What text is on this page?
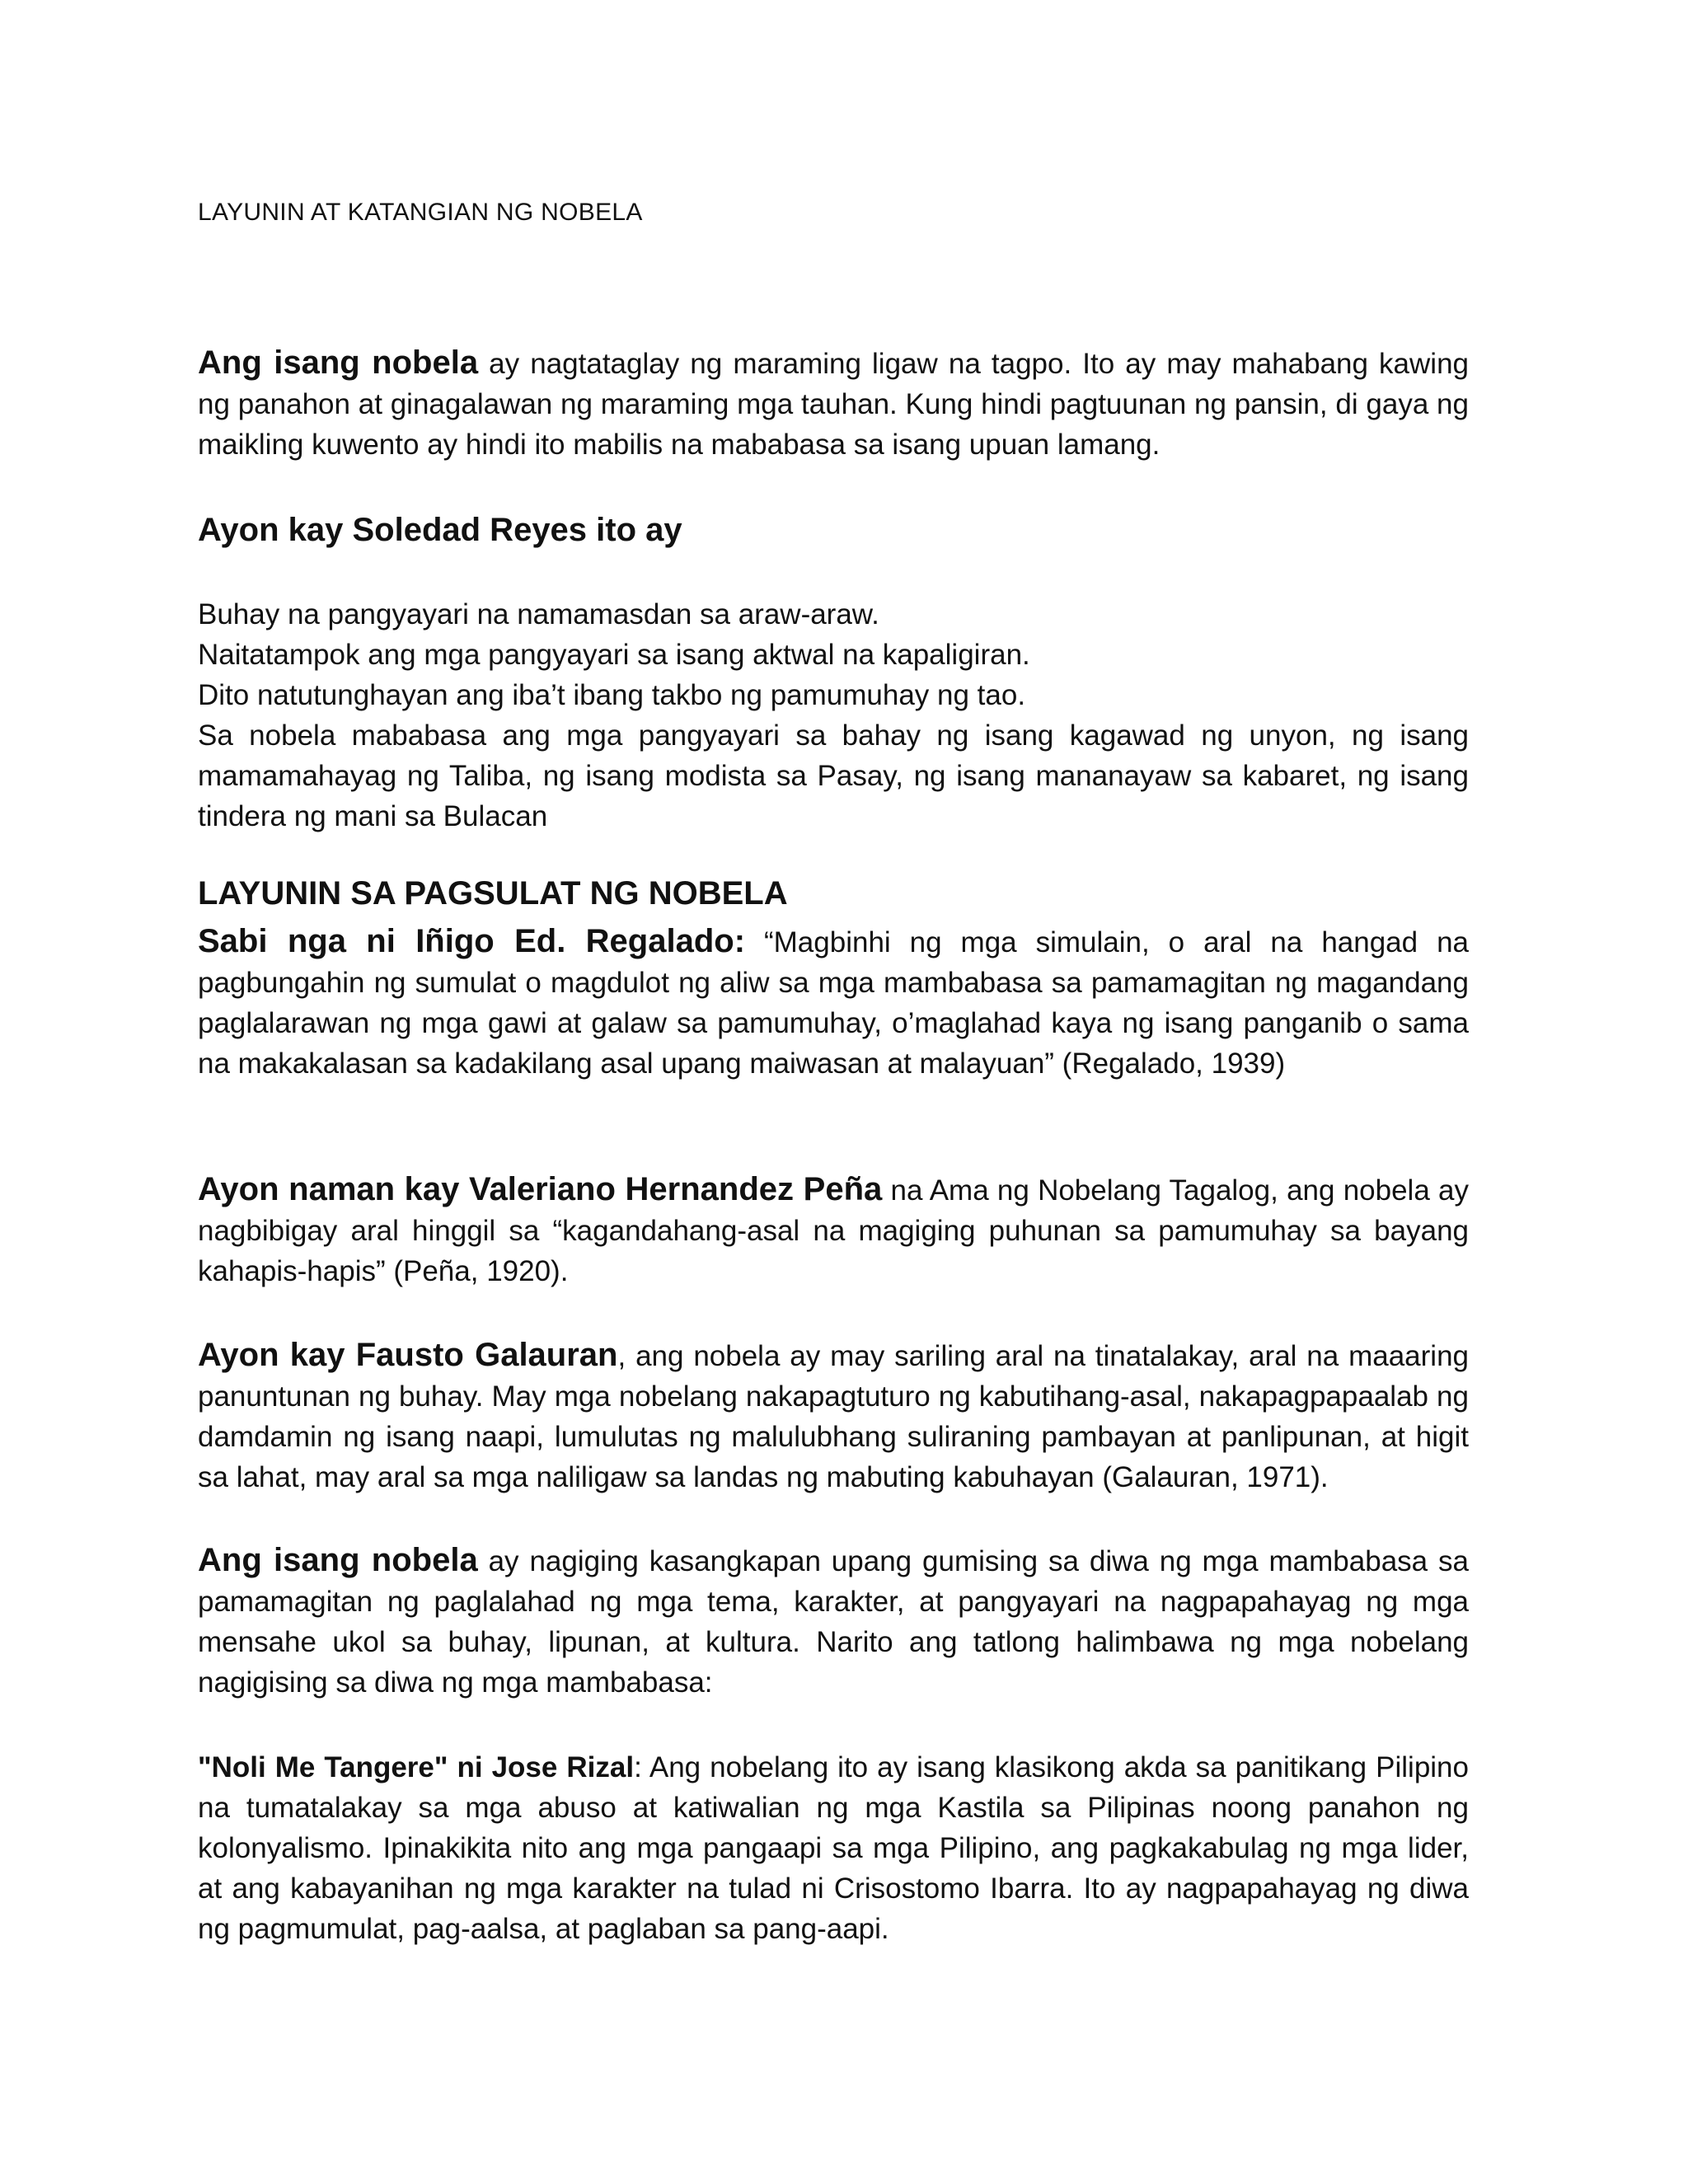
LAYUNIN AT KATANGIAN NG NOBELA

Ang isang nobela ay nagtataglay ng maraming ligaw na tagpo. Ito ay may mahabang kawing ng panahon at ginagalawan ng maraming mga tauhan. Kung hindi pagtuunan ng pansin, di gaya ng maikling kuwento ay hindi ito mabilis na mababasa sa isang upuan lamang.

Ayon kay Soledad Reyes ito ay

Buhay na pangyayari na namamasdan sa araw-araw.

Naitatampok ang mga pangyayari sa isang aktwal na kapaligiran.

Dito natutunghayan ang iba’t ibang takbo ng pamumuhay ng tao.

Sa nobela mababasa ang mga pangyayari sa bahay ng isang kagawad ng unyon, ng isang mamamahayag ng Taliba, ng isang modista sa Pasay, ng isang mananayaw sa kabaret, ng isang tindera ng mani sa Bulacan

LAYUNIN SA PAGSULAT NG NOBELA

Sabi nga ni Iñigo Ed. Regalado: “Magbinhi ng mga simulain, o aral na hangad na pagbungahin ng sumulat o magdulot ng aliw sa mga mambabasa sa pamamagitan ng magandang paglalarawan ng mga gawi at galaw sa pamumuhay, o’maglahad kaya ng isang panganib o sama na makakalasan sa kadakilang asal upang maiwasan at malayuan” (Regalado, 1939)

Ayon naman kay Valeriano Hernandez Peña na Ama ng Nobelang Tagalog, ang nobela ay nagbibigay aral hinggil sa “kagandahang-asal na magiging puhunan sa pamumuhay sa bayang kahapis-hapis” (Peña, 1920).

Ayon kay Fausto Galauran, ang nobela ay may sariling aral na tinatalakay, aral na maaaring panuntunan ng buhay. May mga nobelang nakapagtuturo ng kabutihang-asal, nakapagpapaalab ng damdamin ng isang naapi, lumulutas ng malulubhang suliraning pambayan at panlipunan, at higit sa lahat, may aral sa mga naliligaw sa landas ng mabuting kabuhayan (Galauran, 1971).

Ang isang nobela ay nagiging kasangkapan upang gumising sa diwa ng mga mambabasa sa pamamagitan ng paglalahad ng mga tema, karakter, at pangyayari na nagpapahayag ng mga mensahe ukol sa buhay, lipunan, at kultura. Narito ang tatlong halimbawa ng mga nobelang nagigising sa diwa ng mga mambabasa:

"Noli Me Tangere" ni Jose Rizal: Ang nobelang ito ay isang klasikong akda sa panitikang Pilipino na tumatalakay sa mga abuso at katiwalian ng mga Kastila sa Pilipinas noong panahon ng kolonyalismo. Ipinakikita nito ang mga pangaapi sa mga Pilipino, ang pagkakabulag ng mga lider, at ang kabayanihan ng mga karakter na tulad ni Crisostomo Ibarra. Ito ay nagpapahayag ng diwa ng pagmumulat, pag-aalsa, at paglaban sa pang-aapi.
